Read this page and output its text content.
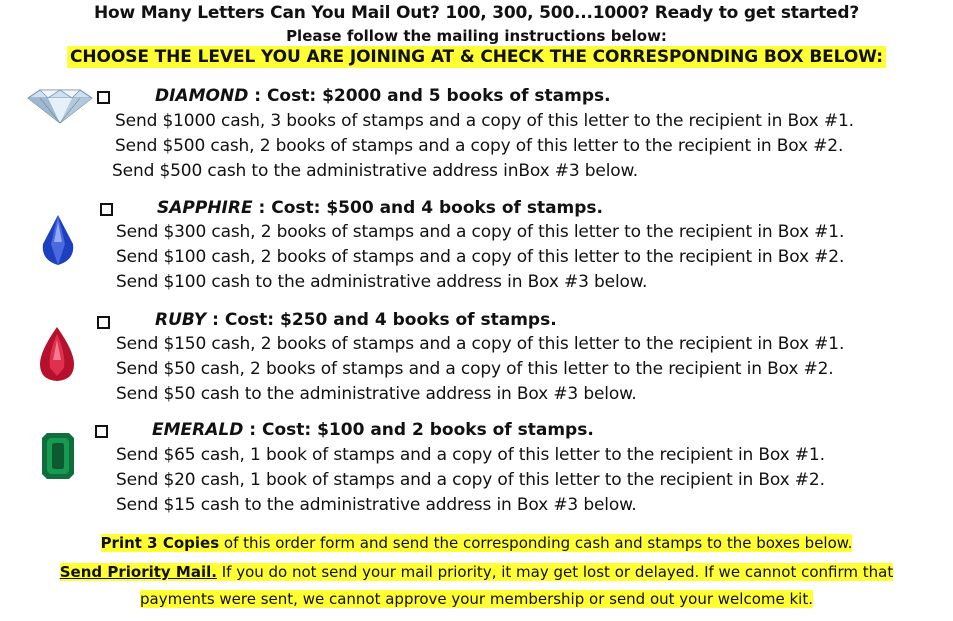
How Many Letters Can You Mail Out? 100, 300, 500...1000? Ready to get started?
Please follow the mailing instructions below:
CHOOSE THE LEVEL YOU ARE JOINING AT & CHECK THE CORRESPONDING BOX BELOW:
DIAMOND : Cost: $2000 and 5 books of stamps.
Send $1000 cash, 3 books of stamps and a copy of this letter to the recipient in Box #1.
Send $500 cash, 2 books of stamps and a copy of this letter to the recipient in Box #2.
Send $500 cash to the administrative address inBox #3 below.
SAPPHIRE : Cost: $500 and 4 books of stamps.
Send $300 cash, 2 books of stamps and a copy of this letter to the recipient in Box #1.
Send $100 cash, 2 books of stamps and a copy of this letter to the recipient in Box #2.
Send $100 cash to the administrative address in Box #3 below.
RUBY : Cost: $250 and 4 books of stamps.
Send $150 cash, 2 books of stamps and a copy of this letter to the recipient in Box #1.
Send $50 cash, 2 books of stamps and a copy of this letter to the recipient in Box #2.
Send $50 cash to the administrative address in Box #3 below.
EMERALD : Cost: $100 and 2 books of stamps.
Send $65 cash, 1 book of stamps and a copy of this letter to the recipient in Box #1.
Send $20 cash, 1 book of stamps and a copy of this letter to the recipient in Box #2.
Send $15 cash to the administrative address in Box #3 below.
Print 3 Copies of this order form and send the corresponding cash and stamps to the boxes below.
Send Priority Mail. If you do not send your mail priority, it may get lost or delayed. If we cannot confirm that
payments were sent, we cannot approve your membership or send out your welcome kit.
